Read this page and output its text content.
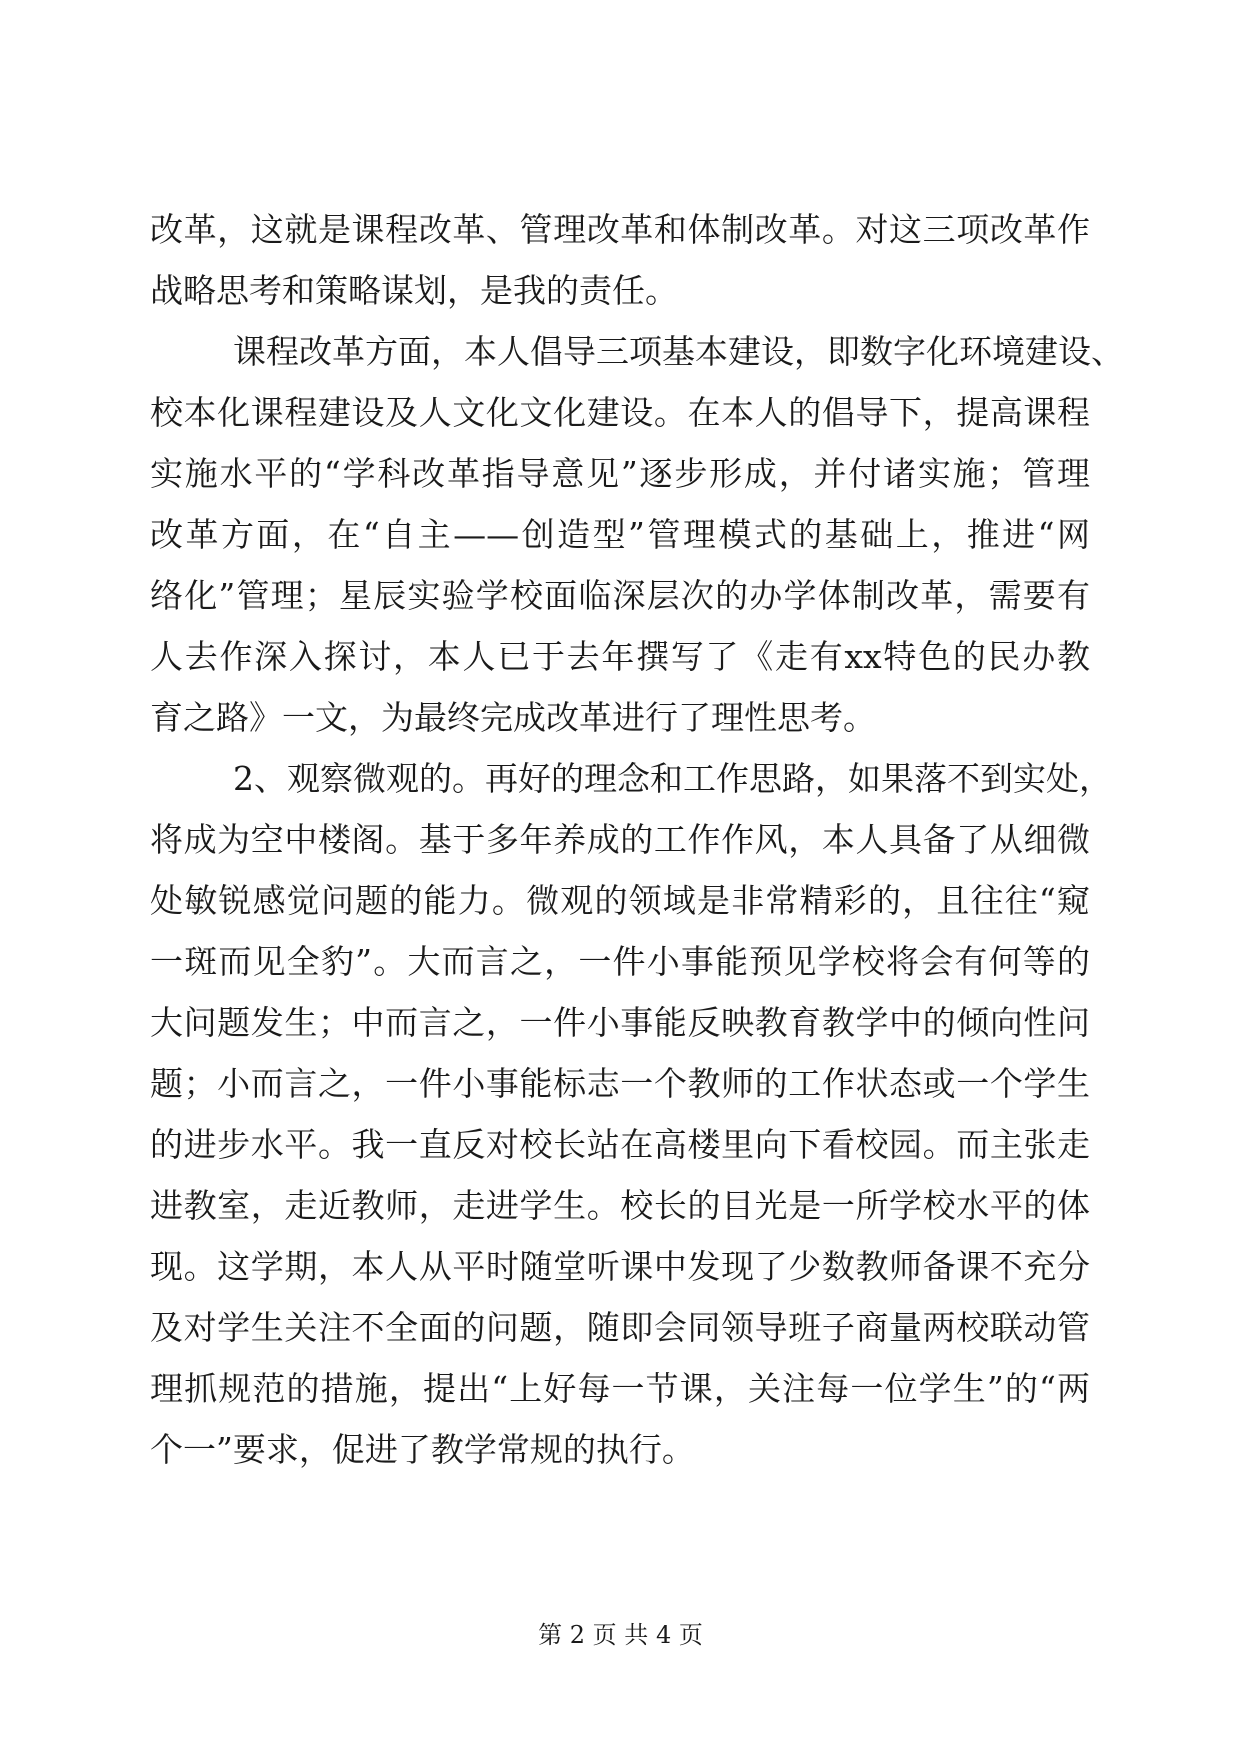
改革，这就是课程改革、管理改革和体制改革。对这三项改革作
战略思考和策略谋划，是我的责任。
课程改革方面，本人倡导三项基本建设，即数字化环境建设、
校本化课程建设及人文化文化建设。在本人的倡导下，提高课程
实施水平的“学科改革指导意见”逐步形成，并付诸实施；管理
改革方面，在“自主——创造型”管理模式的基础上，推进“网
络化”管理；星辰实验学校面临深层次的办学体制改革，需要有
人去作深入探讨，本人已于去年撰写了《走有xx特色的民办教
育之路》一文，为最终完成改革进行了理性思考。
2、观察微观的。再好的理念和工作思路，如果落不到实处，
将成为空中楼阁。基于多年养成的工作作风，本人具备了从细微
处敏锐感觉问题的能力。微观的领域是非常精彩的，且往往“窥
一斑而见全豹”。大而言之，一件小事能预见学校将会有何等的
大问题发生；中而言之，一件小事能反映教育教学中的倾向性问
题；小而言之，一件小事能标志一个教师的工作状态或一个学生
的进步水平。我一直反对校长站在高楼里向下看校园。而主张走
进教室，走近教师，走进学生。校长的目光是一所学校水平的体
现。这学期，本人从平时随堂听课中发现了少数教师备课不充分
及对学生关注不全面的问题，随即会同领导班子商量两校联动管
理抓规范的措施，提出“上好每一节课，关注每一位学生”的“两
个一”要求，促进了教学常规的执行。
第 2 页 共 4 页
